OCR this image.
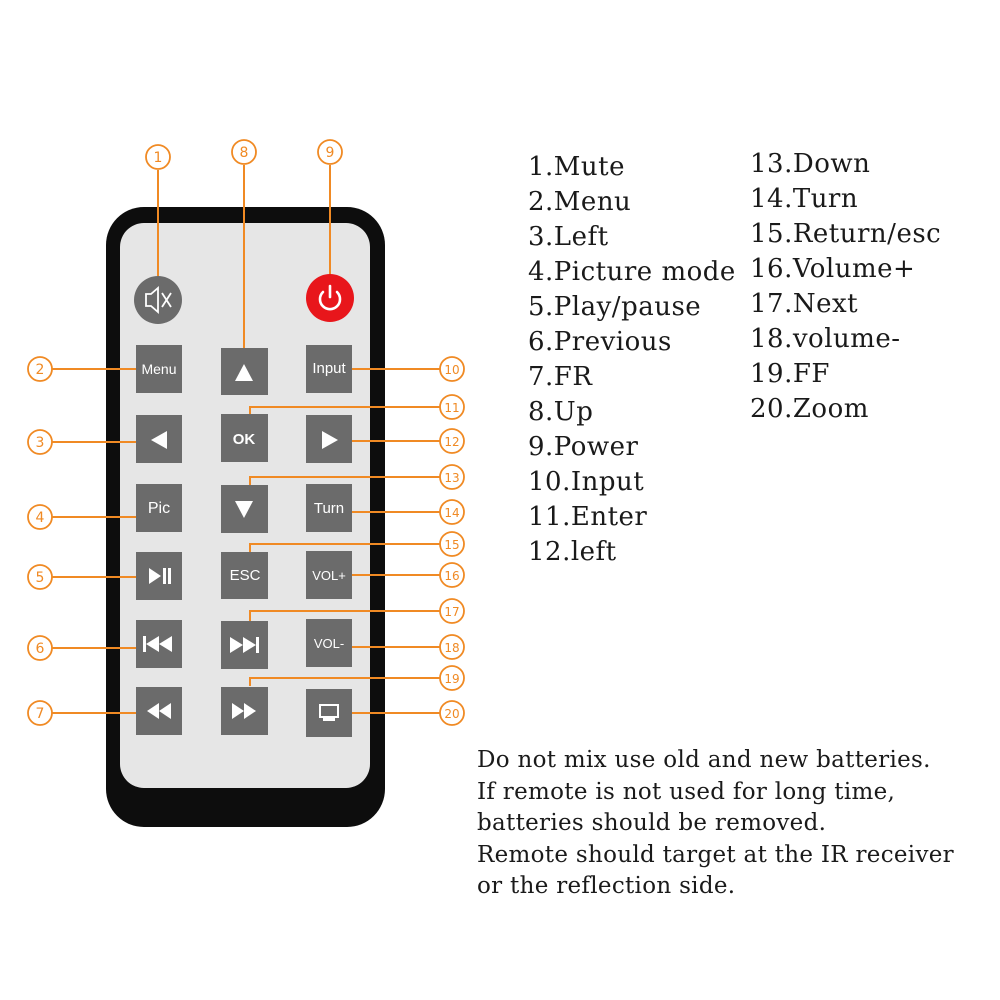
1	8	9
2	10
11
3	12
13
4	14
15
5	16
17
6	18
19
7	20
Menu	Input
OK
Pic	Turn
ESC	VOL+
VOL-
1.Mute
2.Menu
3.Left
4.Picture mode
5.Play/pause
6.Previous
7.FR
8.Up
9.Power
10.Input
11.Enter
12.left
13.Down
14.Turn
15.Return/esc
16.Volume+
17.Next
18.volume-
19.FF
20.Zoom
Do not mix use old and new batteries.
If remote is not used for long time,
batteries should be removed.
Remote should target at the IR receiver
or the reflection side.
